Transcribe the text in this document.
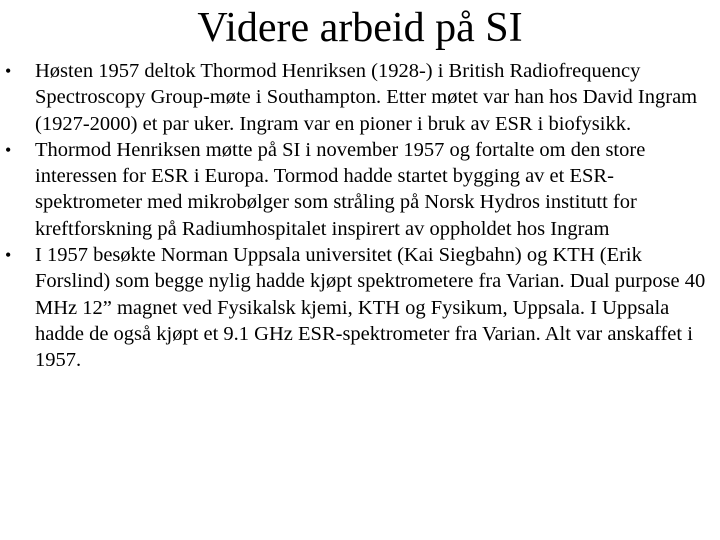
Videre arbeid på SI
• Høsten 1957 deltok Thormod Henriksen (1928-) i British Radiofrequency Spectroscopy Group-møte i Southampton. Etter møtet var han hos David Ingram (1927-2000) et par uker. Ingram var en pioner i bruk av ESR i biofysikk.
• Thormod Henriksen møtte på SI i november 1957 og fortalte om den store interessen for ESR i Europa. Tormod hadde startet bygging av et ESR-spektrometer med mikrobølger som stråling på Norsk Hydros institutt for kreftforskning på Radiumhospitalet inspirert av oppholdet hos Ingram
• I 1957 besøkte Norman Uppsala universitet (Kai Siegbahn) og KTH (Erik Forslind) som begge nylig hadde kjøpt spektrometere fra Varian. Dual purpose 40 MHz 12” magnet ved Fysikalsk kjemi, KTH og Fysikum, Uppsala. I Uppsala hadde de også kjøpt et 9.1 GHz ESR-spektrometer fra Varian. Alt var anskaffet i 1957.
